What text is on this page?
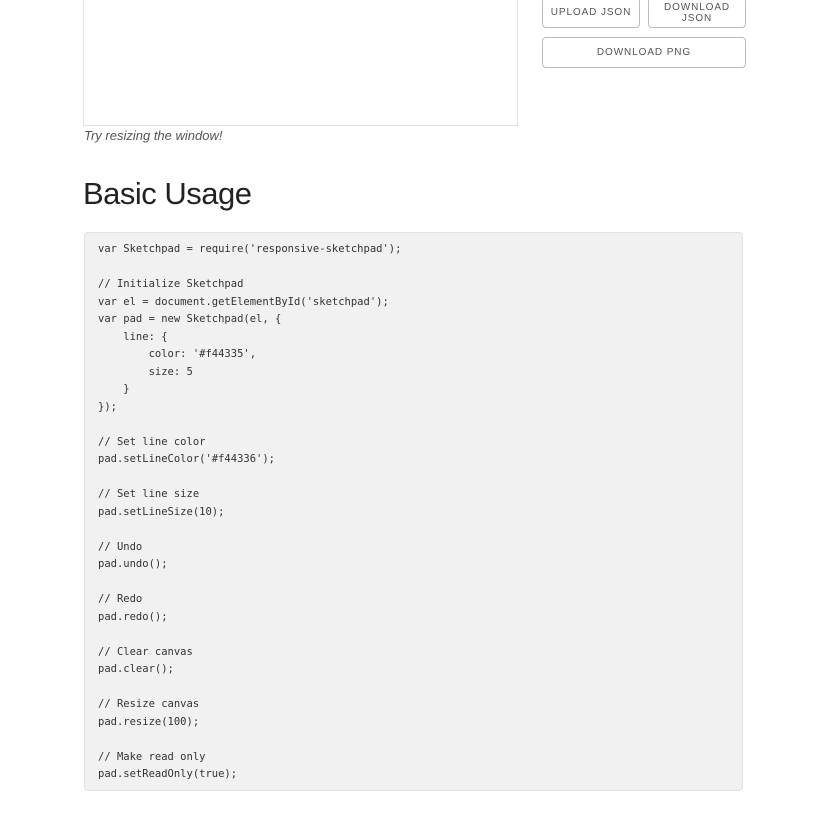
UPLOAD JSON	DOWNLOAD JSON
DOWNLOAD PNG

Try resizing the window!

Basic Usage
var Sketchpad = require('responsive-sketchpad');

// Initialize Sketchpad
var el = document.getElementById('sketchpad');
var pad = new Sketchpad(el, {
line: {
color: '#f44335',
size: 5
}
});

// Set line color
pad.setLineColor('#f44336');

// Set line size
pad.setLineSize(10);

// Undo
pad.undo();

// Redo
pad.redo();

// Clear canvas
pad.clear();

// Resize canvas
pad.resize(100);

// Make read only
pad.setReadOnly(true);
